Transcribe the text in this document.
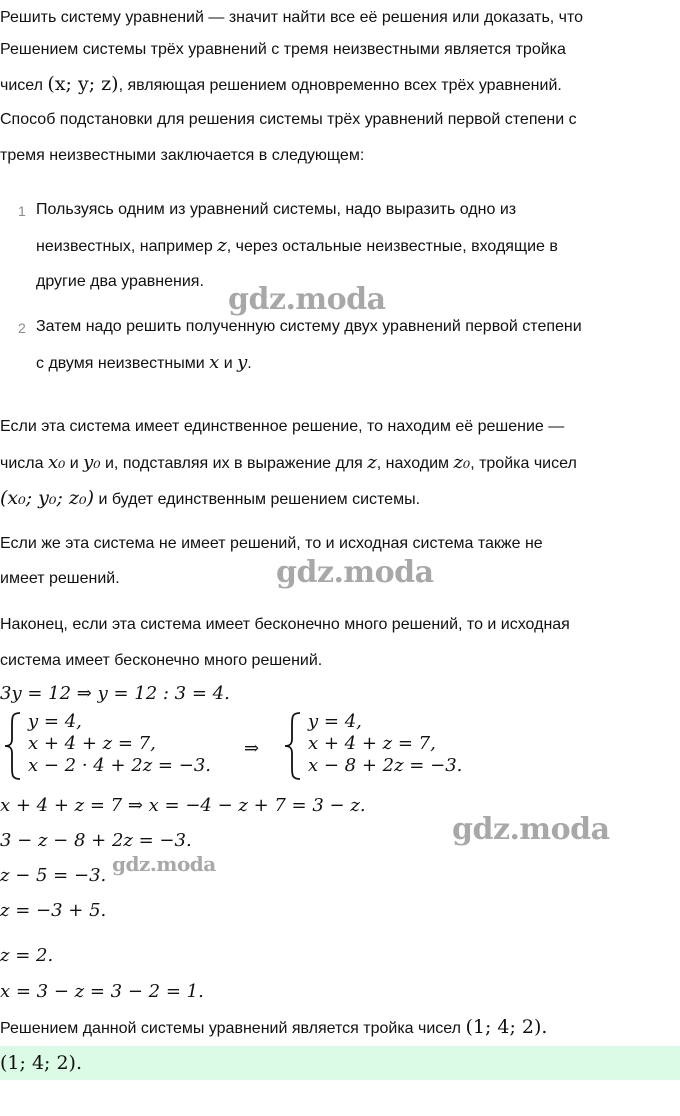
Решить систему уравнений — значит найти все её решения или доказать, что
Решением системы трёх уравнений с тремя неизвестными является тройка
чисел (x; y; z), являющая решением одновременно всех трёх уравнений.
Способ подстановки для решения системы трёх уравнений первой степени с
тремя неизвестными заключается в следующем:
1 Пользуясь одним из уравнений системы, надо выразить одно из
неизвестных, например z, через остальные неизвестные, входящие в
другие два уравнения.
2 Затем надо решить полученную систему двух уравнений первой степени
с двумя неизвестными x и y.
Если эта система имеет единственное решение, то находим её решение —
числа x₀ и y₀ и, подставляя их в выражение для z, находим z₀, тройка чисел
(x₀; y₀; z₀) и будет единственным решением системы.
Если же эта система не имеет решений, то и исходная система также не
имеет решений.
Наконец, если эта система имеет бесконечно много решений, то и исходная
система имеет бесконечно много решений.
3y = 12 ⇒ y = 12 : 3 = 4.
y = 4,
x + 4 + z = 7,
x − 2 · 4 + 2z = −3.
⇒
y = 4,
x + 4 + z = 7,
x − 8 + 2z = −3.
x + 4 + z = 7 ⇒ x = −4 − z + 7 = 3 − z.
3 − z − 8 + 2z = −3.
z − 5 = −3.
z = −3 + 5.
z = 2.
x = 3 − z = 3 − 2 = 1.
Решением данной системы уравнений является тройка чисел (1; 4; 2).
(1; 4; 2).
gdz.moda
gdz.moda
gdz.moda
gdz.moda
